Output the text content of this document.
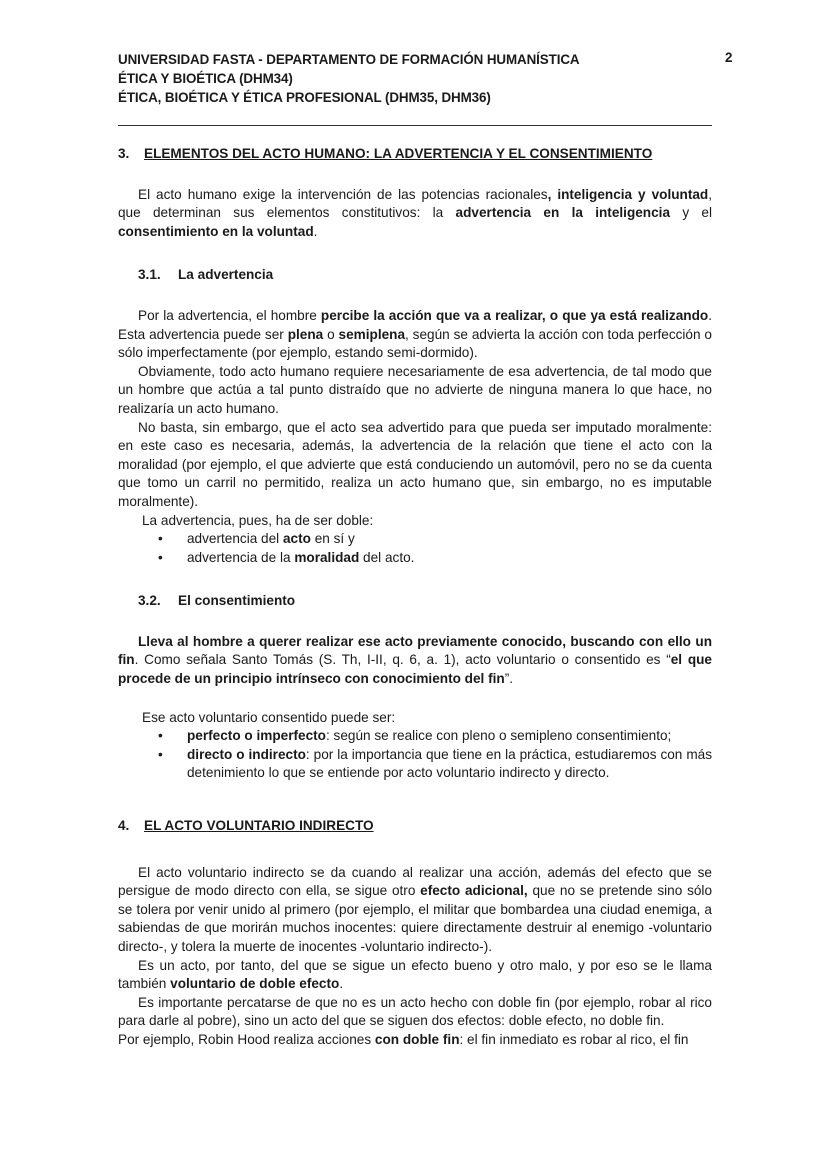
UNIVERSIDAD FASTA - DEPARTAMENTO DE FORMACIÓN HUMANÍSTICA
ÉTICA Y BIOÉTICA (DHM34)
ÉTICA, BIOÉTICA Y ÉTICA PROFESIONAL (DHM35, DHM36)
2
3.	ELEMENTOS DEL ACTO HUMANO: LA ADVERTENCIA Y EL CONSENTIMIENTO

El acto humano exige la intervención de las potencias racionales, inteligencia y voluntad, que determinan sus elementos constitutivos: la advertencia en la inteligencia y el consentimiento en la voluntad.

3.1.	La advertencia

Por la advertencia, el hombre percibe la acción que va a realizar, o que ya está realizando. Esta advertencia puede ser plena o semiplena, según se advierta la acción con toda perfección o sólo imperfectamente (por ejemplo, estando semi-dormido).

Obviamente, todo acto humano requiere necesariamente de esa advertencia, de tal modo que un hombre que actúa a tal punto distraído que no advierte de ninguna manera lo que hace, no realizaría un acto humano.

No basta, sin embargo, que el acto sea advertido para que pueda ser imputado moralmente: en este caso es necesaria, además, la advertencia de la relación que tiene el acto con la moralidad (por ejemplo, el que advierte que está conduciendo un automóvil, pero no se da cuenta que tomo un carril no permitido, realiza un acto humano que, sin embargo, no es imputable moralmente).

La advertencia, pues, ha de ser doble:

• advertencia del acto en sí y
• advertencia de la moralidad del acto.
3.2.	El consentimiento

Lleva al hombre a querer realizar ese acto previamente conocido, buscando con ello un fin. Como señala Santo Tomás (S. Th, I-II, q. 6, a. 1), acto voluntario o consentido es “el que procede de un principio intrínseco con conocimiento del fin”.

Ese acto voluntario consentido puede ser:

• perfecto o imperfecto: según se realice con pleno o semipleno consentimiento;
• directo o indirecto: por la importancia que tiene en la práctica, estudiaremos con más detenimiento lo que se entiende por acto voluntario indirecto y directo.
4.	EL ACTO VOLUNTARIO INDIRECTO

El acto voluntario indirecto se da cuando al realizar una acción, además del efecto que se persigue de modo directo con ella, se sigue otro efecto adicional, que no se pretende sino sólo se tolera por venir unido al primero (por ejemplo, el militar que bombardea una ciudad enemiga, a sabiendas de que morirán muchos inocentes: quiere directamente destruir al enemigo -voluntario directo-, y tolera la muerte de inocentes -voluntario indirecto-).

Es un acto, por tanto, del que se sigue un efecto bueno y otro malo, y por eso se le llama también voluntario de doble efecto.

Es importante percatarse de que no es un acto hecho con doble fin (por ejemplo, robar al rico para darle al pobre), sino un acto del que se siguen dos efectos: doble efecto, no doble fin.

Por ejemplo, Robin Hood realiza acciones con doble fin: el fin inmediato es robar al rico, el fin
